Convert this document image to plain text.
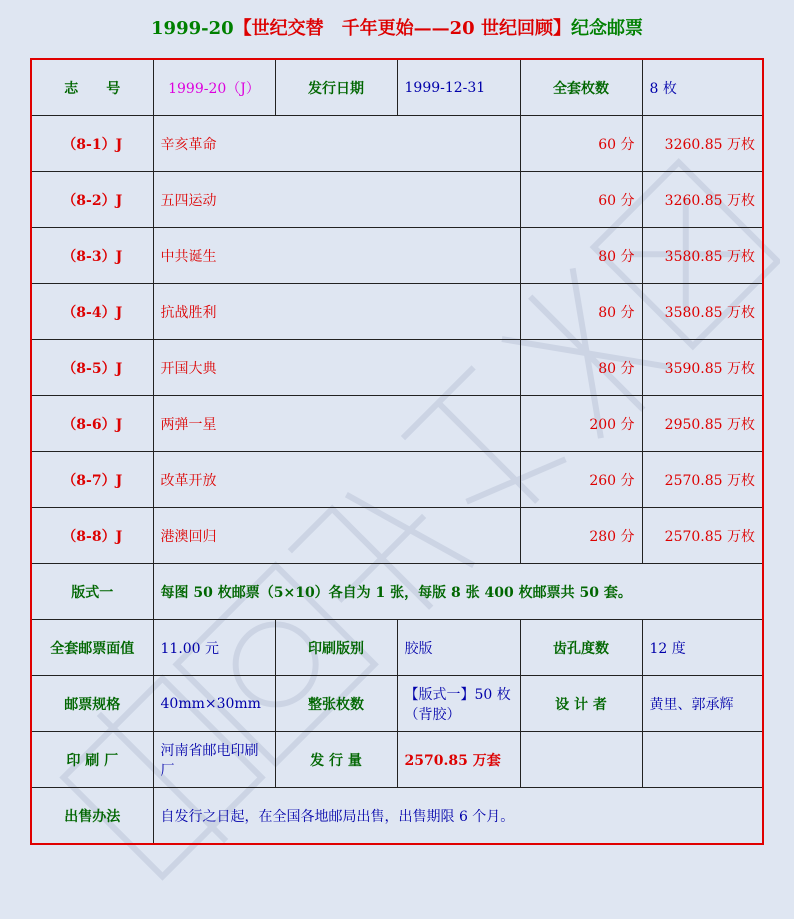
1999-20【世纪交替　千年更始——20 世纪回顾】纪念邮票
志　　号	1999-20（J）	发行日期	1999-12-31	全套枚数	8 枚
（8-1）J	辛亥革命			60 分	3260.85 万枚
（8-2）J	五四运动			60 分	3260.85 万枚
（8-3）J	中共诞生			80 分	3580.85 万枚
（8-4）J	抗战胜利			80 分	3580.85 万枚
（8-5）J	开国大典			80 分	3590.85 万枚
（8-6）J	两弹一星			200 分	2950.85 万枚
（8-7）J	改革开放			260 分	2570.85 万枚
（8-8）J	港澳回归			280 分	2570.85 万枚
版式一	每图 50 枚邮票（5×10）各自为 1 张，每版 8 张 400 枚邮票共 50 套。				
全套邮票面值	11.00 元	印刷版别	胶版	齿孔度数	12 度
邮票规格	40mm×30mm	整张枚数	【版式一】50 枚（背胶）	设 计 者	黄里、郭承辉
印 刷 厂	河南省邮电印刷厂	发 行 量	2570.85 万套		
出售办法	自发行之日起，在全国各地邮局出售，出售期限 6 个月。				
